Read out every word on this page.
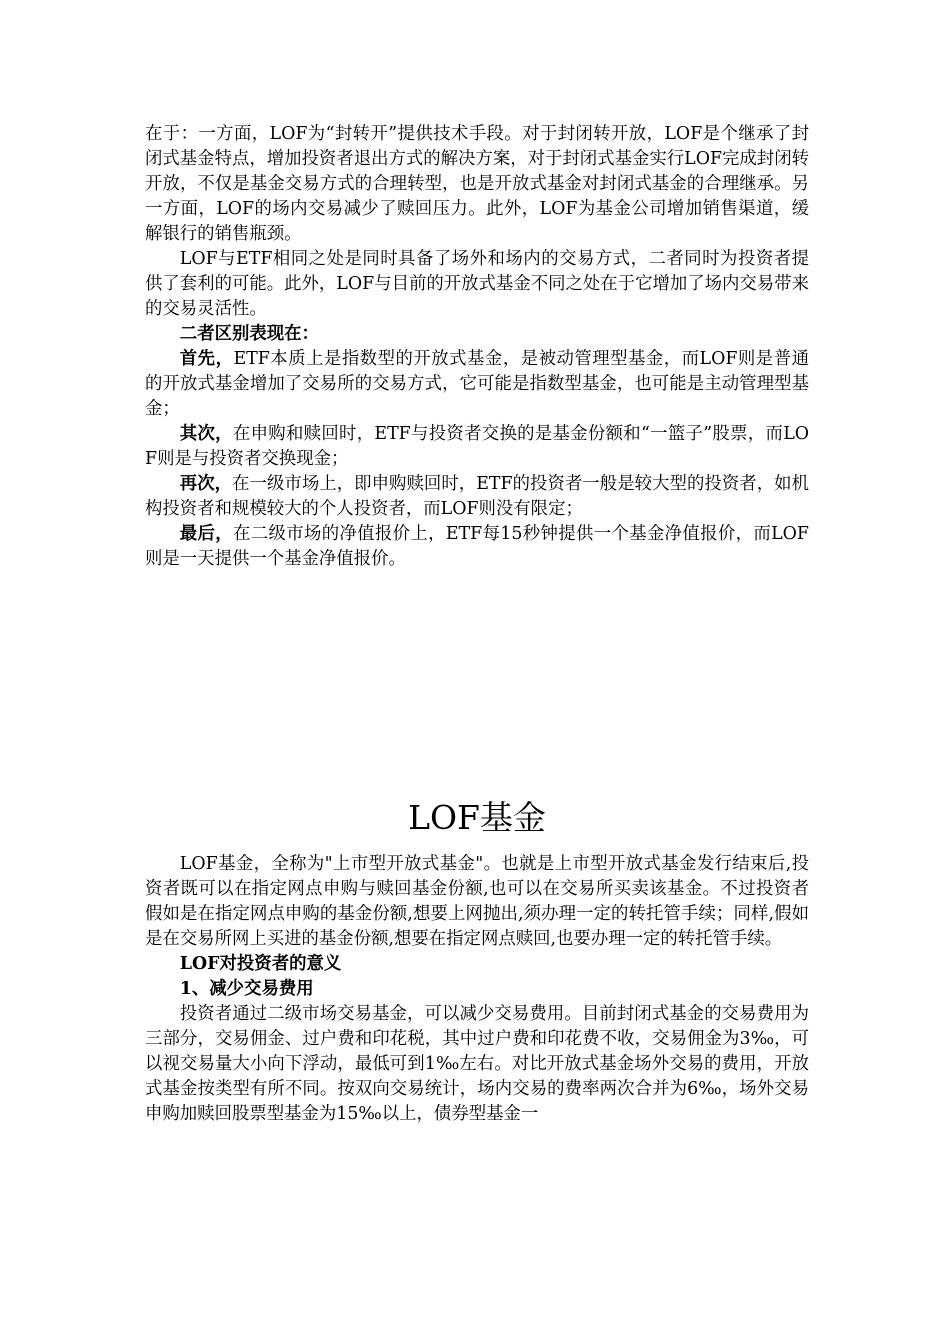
在于：一方面，LOF为“封转开”提供技术手段。对于封闭转开放，LOF是个继承了封闭式基金特点，增加投资者退出方式的解决方案，对于封闭式基金实行LOF完成封闭转开放，不仅是基金交易方式的合理转型，也是开放式基金对封闭式基金的合理继承。另一方面，LOF的场内交易减少了赎回压力。此外，LOF为基金公司增加销售渠道，缓解银行的销售瓶颈。

LOF与ETF相同之处是同时具备了场外和场内的交易方式，二者同时为投资者提供了套利的可能。此外，LOF与目前的开放式基金不同之处在于它增加了场内交易带来的交易灵活性。

二者区别表现在：

首先，ETF本质上是指数型的开放式基金，是被动管理型基金，而LOF则是普通的开放式基金增加了交易所的交易方式，它可能是指数型基金，也可能是主动管理型基金；

其次，在申购和赎回时，ETF与投资者交换的是基金份额和“一篮子”股票，而LOF则是与投资者交换现金；

再次，在一级市场上，即申购赎回时，ETF的投资者一般是较大型的投资者，如机构投资者和规模较大的个人投资者，而LOF则没有限定；

最后，在二级市场的净值报价上，ETF每15秒钟提供一个基金净值报价，而LOF则是一天提供一个基金净值报价。

LOF基金

LOF基金，全称为"上市型开放式基金"。也就是上市型开放式基金发行结束后,投资者既可以在指定网点申购与赎回基金份额,也可以在交易所买卖该基金。不过投资者假如是在指定网点申购的基金份额,想要上网抛出,须办理一定的转托管手续；同样,假如是在交易所网上买进的基金份额,想要在指定网点赎回,也要办理一定的转托管手续。

LOF对投资者的意义

1、减少交易费用

投资者通过二级市场交易基金，可以减少交易费用。目前封闭式基金的交易费用为三部分，交易佣金、过户费和印花税，其中过户费和印花费不收，交易佣金为3‰，可以视交易量大小向下浮动，最低可到1‰左右。对比开放式基金场外交易的费用，开放式基金按类型有所不同。按双向交易统计，场内交易的费率两次合并为6‰，场外交易申购加赎回股票型基金为15‰以上，债券型基金一
